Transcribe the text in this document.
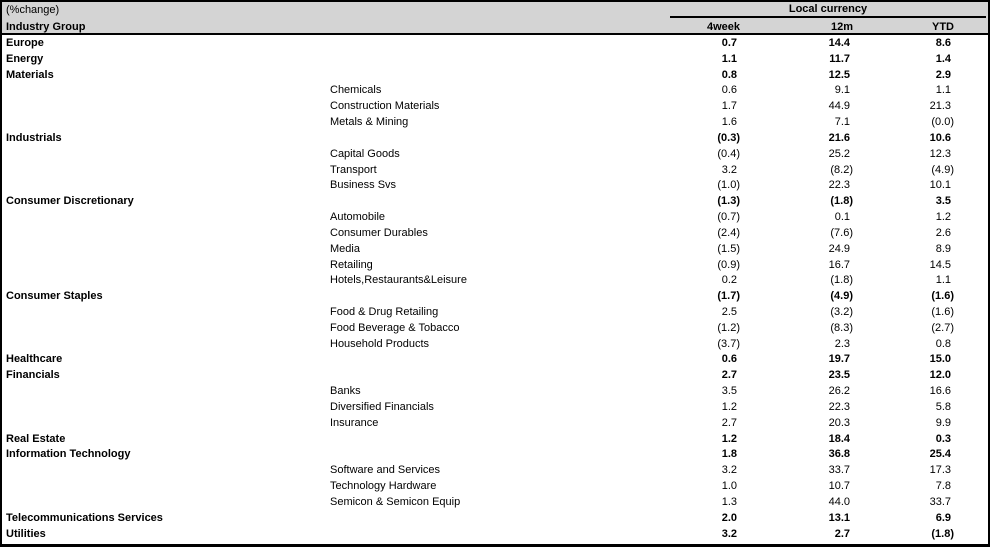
(%change)	Local currency
Industry Group	4week	12m	YTD
Europe	0.7	14.4	8.6
Energy	1.1	11.7	1.4
Materials	0.8	12.5	2.9
Chemicals	0.6	9.1	1.1
Construction Materials	1.7	44.9	21.3
Metals & Mining	1.6	7.1	(0.0)
Industrials	(0.3)	21.6	10.6
Capital Goods	(0.4)	25.2	12.3
Transport	3.2	(8.2)	(4.9)
Business Svs	(1.0)	22.3	10.1
Consumer Discretionary	(1.3)	(1.8)	3.5
Automobile	(0.7)	0.1	1.2
Consumer Durables	(2.4)	(7.6)	2.6
Media	(1.5)	24.9	8.9
Retailing	(0.9)	16.7	14.5
Hotels,Restaurants&Leisure	0.2	(1.8)	1.1
Consumer Staples	(1.7)	(4.9)	(1.6)
Food & Drug Retailing	2.5	(3.2)	(1.6)
Food Beverage & Tobacco	(1.2)	(8.3)	(2.7)
Household Products	(3.7)	2.3	0.8
Healthcare	0.6	19.7	15.0
Financials	2.7	23.5	12.0
Banks	3.5	26.2	16.6
Diversified Financials	1.2	22.3	5.8
Insurance	2.7	20.3	9.9
Real Estate	1.2	18.4	0.3
Information Technology	1.8	36.8	25.4
Software and Services	3.2	33.7	17.3
Technology Hardware	1.0	10.7	7.8
Semicon & Semicon Equip	1.3	44.0	33.7
Telecommunications Services	2.0	13.1	6.9
Utilities	3.2	2.7	(1.8)
